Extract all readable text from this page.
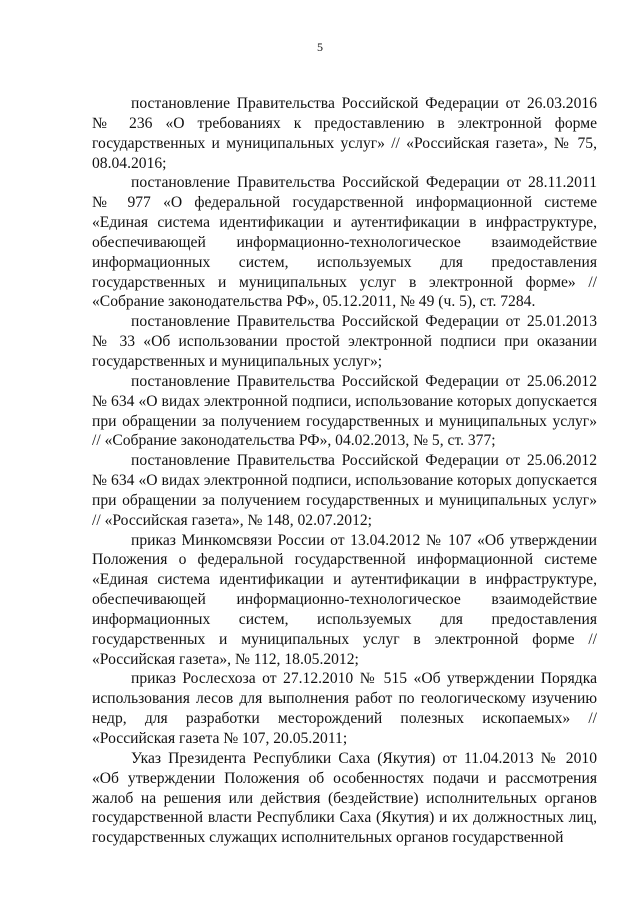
5

постановление Правительства Российской Федерации от 26.03.2016 № 236 «О требованиях к предоставлению в электронной форме государственных и муниципальных услуг» // «Российская газета», № 75, 08.04.2016;

постановление Правительства Российской Федерации от 28.11.2011 № 977 «О федеральной государственной информационной системе «Единая система идентификации и аутентификации в инфраструктуре, обеспечивающей информационно-технологическое взаимодействие информационных систем, используемых для предоставления государственных и муниципальных услуг в электронной форме» // «Собрание законодательства РФ», 05.12.2011, № 49 (ч. 5), ст. 7284.

постановление Правительства Российской Федерации от 25.01.2013 № 33 «Об использовании простой электронной подписи при оказании государственных и муниципальных услуг»;

постановление Правительства Российской Федерации от 25.06.2012 № 634 «О видах электронной подписи, использование которых допускается при обращении за получением государственных и муниципальных услуг» // «Собрание законодательства РФ», 04.02.2013, № 5, ст. 377;

постановление Правительства Российской Федерации от 25.06.2012 № 634 «О видах электронной подписи, использование которых допускается при обращении за получением государственных и муниципальных услуг» // «Российская газета», № 148, 02.07.2012;

приказ Минкомсвязи России от 13.04.2012 № 107 «Об утверждении Положения о федеральной государственной информационной системе «Единая система идентификации и аутентификации в инфраструктуре, обеспечивающей информационно-технологическое взаимодействие информационных систем, используемых для предоставления государственных и муниципальных услуг в электронной форме // «Российская газета», № 112, 18.05.2012;

приказ Рослесхоза от 27.12.2010 № 515 «Об утверждении Порядка использования лесов для выполнения работ по геологическому изучению недр, для разработки месторождений полезных ископаемых» // «Российская газета № 107, 20.05.2011;

Указ Президента Республики Саха (Якутия) от 11.04.2013 № 2010 «Об утверждении Положения об особенностях подачи и рассмотрения жалоб на решения или действия (бездействие) исполнительных органов государственной власти Республики Саха (Якутия) и их должностных лиц, государственных служащих исполнительных органов государственной
